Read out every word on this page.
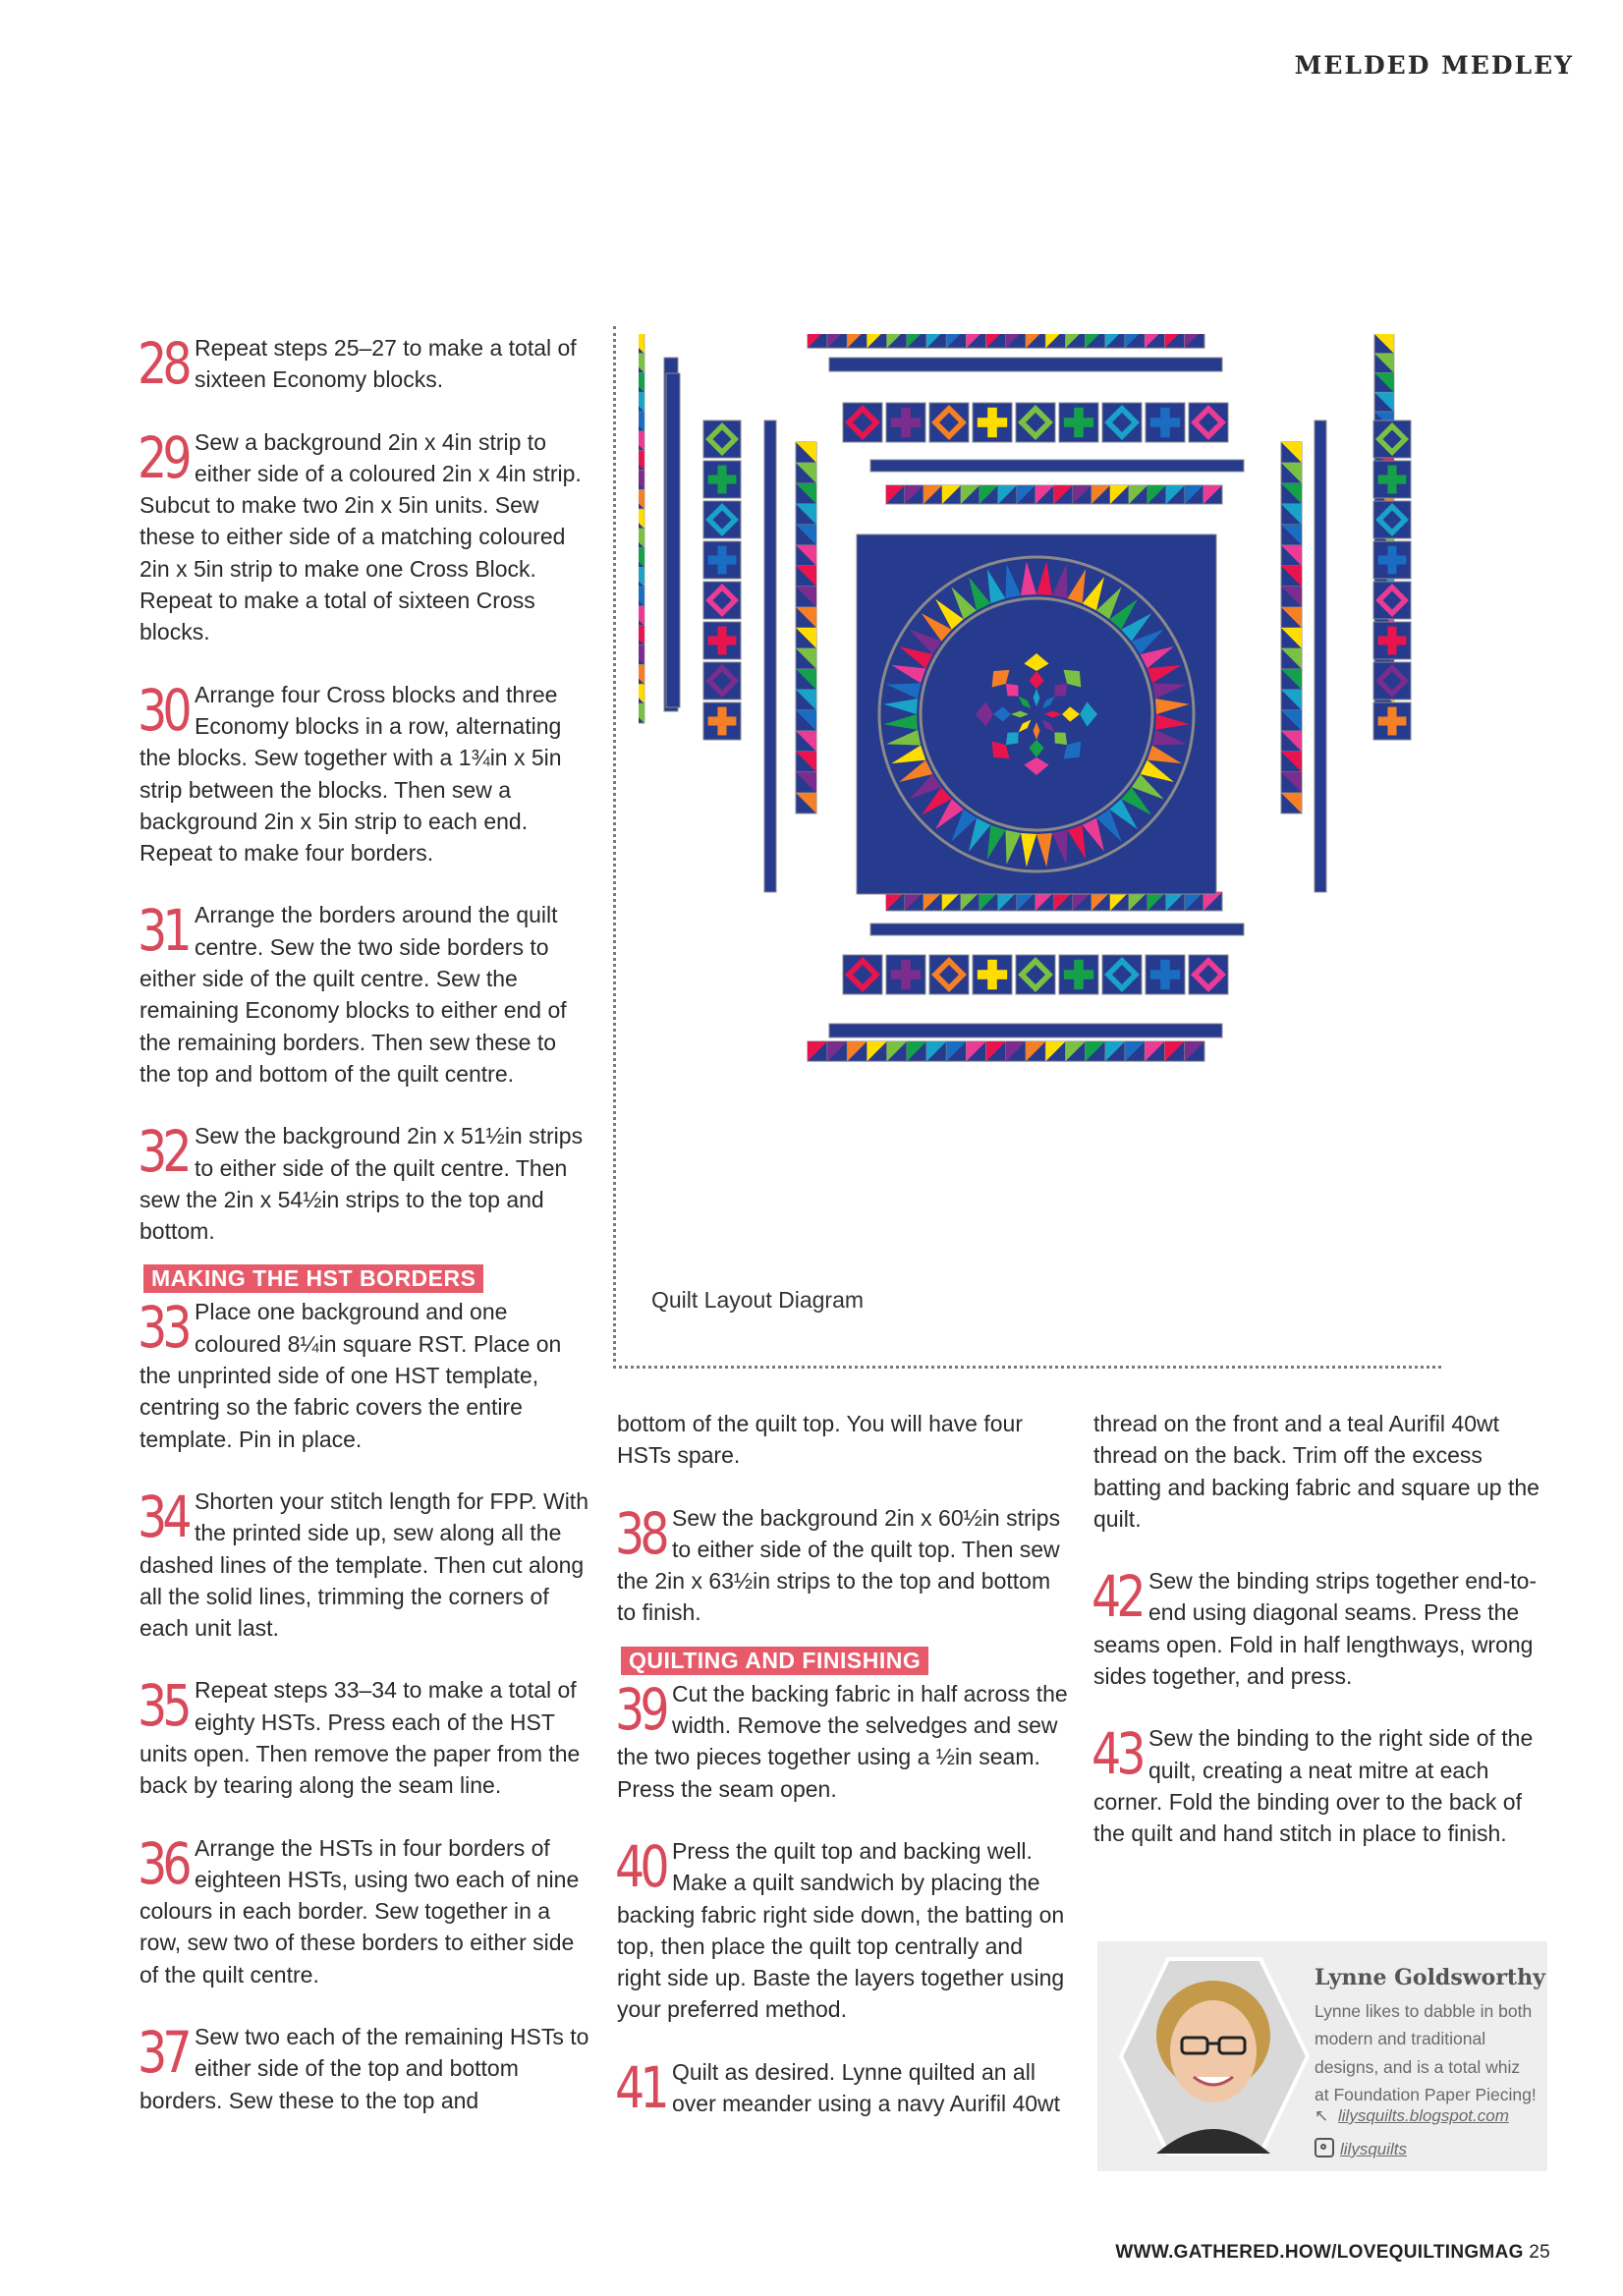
MELDED MEDLEY
28 Repeat steps 25–27 to make a total of sixteen Economy blocks.
29 Sew a background 2in x 4in strip to either side of a coloured 2in x 4in strip. Subcut to make two 2in x 5in units. Sew these to either side of a matching coloured 2in x 5in strip to make one Cross Block. Repeat to make a total of sixteen Cross blocks.
30 Arrange four Cross blocks and three Economy blocks in a row, alternating the blocks. Sew together with a 1¾in x 5in strip between the blocks. Then sew a background 2in x 5in strip to each end. Repeat to make four borders.
31 Arrange the borders around the quilt centre. Sew the two side borders to either side of the quilt centre. Sew the remaining Economy blocks to either end of the remaining borders. Then sew these to the top and bottom of the quilt centre.
32 Sew the background 2in x 51½in strips to either side of the quilt centre. Then sew the 2in x 54½in strips to the top and bottom.
MAKING THE HST BORDERS
33 Place one background and one coloured 8¼in square RST. Place on the unprinted side of one HST template, centring so the fabric covers the entire template. Pin in place.
34 Shorten your stitch length for FPP. With the printed side up, sew along all the dashed lines of the template. Then cut along all the solid lines, trimming the corners of each unit last.
35 Repeat steps 33–34 to make a total of eighty HSTs. Press each of the HST units open. Then remove the paper from the back by tearing along the seam line.
36 Arrange the HSTs in four borders of eighteen HSTs, using two each of nine colours in each border. Sew together in a row, sew two of these borders to either side of the quilt centre.
37 Sew two each of the remaining HSTs to either side of the top and bottom borders. Sew these to the top and
bottom of the quilt top. You will have four HSTs spare.
38 Sew the background 2in x 60½in strips to either side of the quilt top. Then sew the 2in x 63½in strips to the top and bottom to finish.
QUILTING AND FINISHING
39 Cut the backing fabric in half across the width. Remove the selvedges and sew the two pieces together using a ½in seam. Press the seam open.
40 Press the quilt top and backing well. Make a quilt sandwich by placing the backing fabric right side down, the batting on top, then place the quilt top centrally and right side up. Baste the layers together using your preferred method.
41 Quilt as desired. Lynne quilted an all over meander using a navy Aurifil 40wt
thread on the front and a teal Aurifil 40wt thread on the back. Trim off the excess batting and backing fabric and square up the quilt.
42 Sew the binding strips together end-to-end using diagonal seams. Press the seams open. Fold in half lengthways, wrong sides together, and press.
43 Sew the binding to the right side of the quilt, creating a neat mitre at each corner. Fold the binding over to the back of the quilt and hand stitch in place to finish.
Quilt Layout Diagram
Lynne Goldsworthy
Lynne likes to dabble in both modern and traditional designs, and is a total whiz at Foundation Paper Piecing!
↖ lilysquilts.blogspot.com
lilysquilts
WWW.GATHERED.HOW/LOVEQUILTINGMAG 25
